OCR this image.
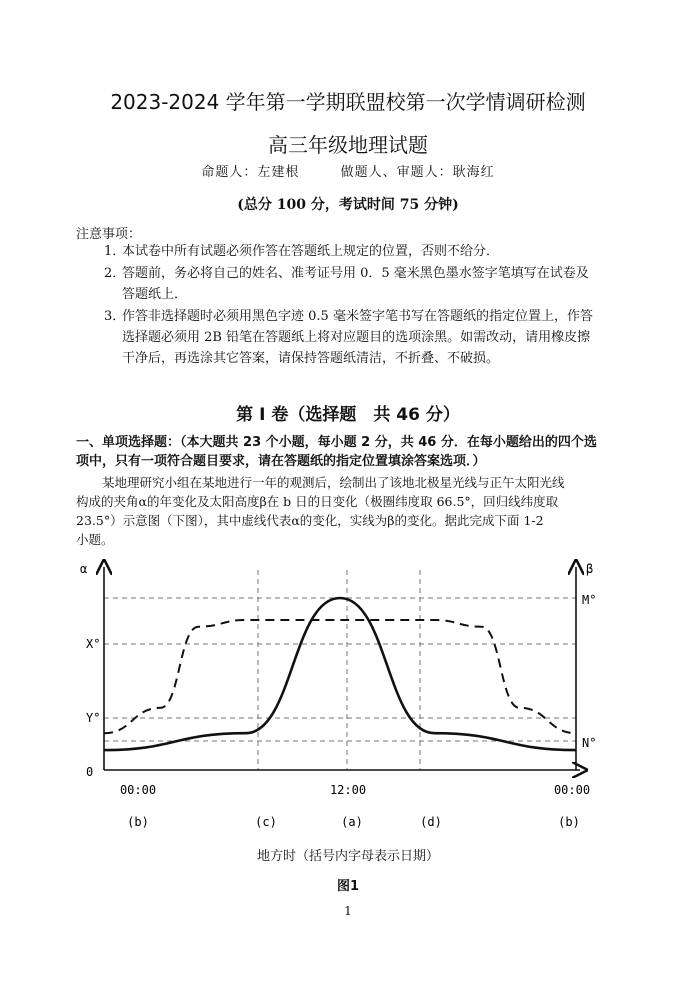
2023-2024 学年第一学期联盟校第一次学情调研检测
高三年级地理试题
命题人：左建根	做题人、审题人：耿海红
(总分 100 分，考试时间 75 分钟)
注意事项：
1．
本试卷中所有试题必须作答在答题纸上规定的位置，否则不给分．
2．
答题前，务必将自己的姓名、准考证号用 0．5 毫米黑色墨水签字笔填写在试卷及
答题纸上．
3．
作答非选择题时必须用黑色字迹 0.5 毫米签字笔书写在答题纸的指定位置上，作答
选择题必须用 2B 铅笔在答题纸上将对应题目的选项涂黑。如需改动，请用橡皮擦
干净后，再选涂其它答案，请保持答题纸清洁，不折叠、不破损。
第 I 卷（选择题　共 46 分）
一、单项选择题：（本大题共 23 个小题，每小题 2 分，共 46 分．在每小题给出的四个选
项中，只有一项符合题目要求，请在答题纸的指定位置填涂答案选项．）

某地理研究小组在某地进行一年的观测后，绘制出了该地北极星光线与正午太阳光线

构成的夹角α的年变化及太阳高度β在 b 日的日变化（极圈纬度取 66.5°，回归线纬度取
23.5°）示意图（下图），其中虚线代表α的变化，实线为β的变化。据此完成下面 1-2
小题。
α	β
X°
Y°
0
M°
N°
00:00	12:00	00:00
(b)	(c)	(a)	(d)	(b)
地方时（括号内字母表示日期）
图1
1
